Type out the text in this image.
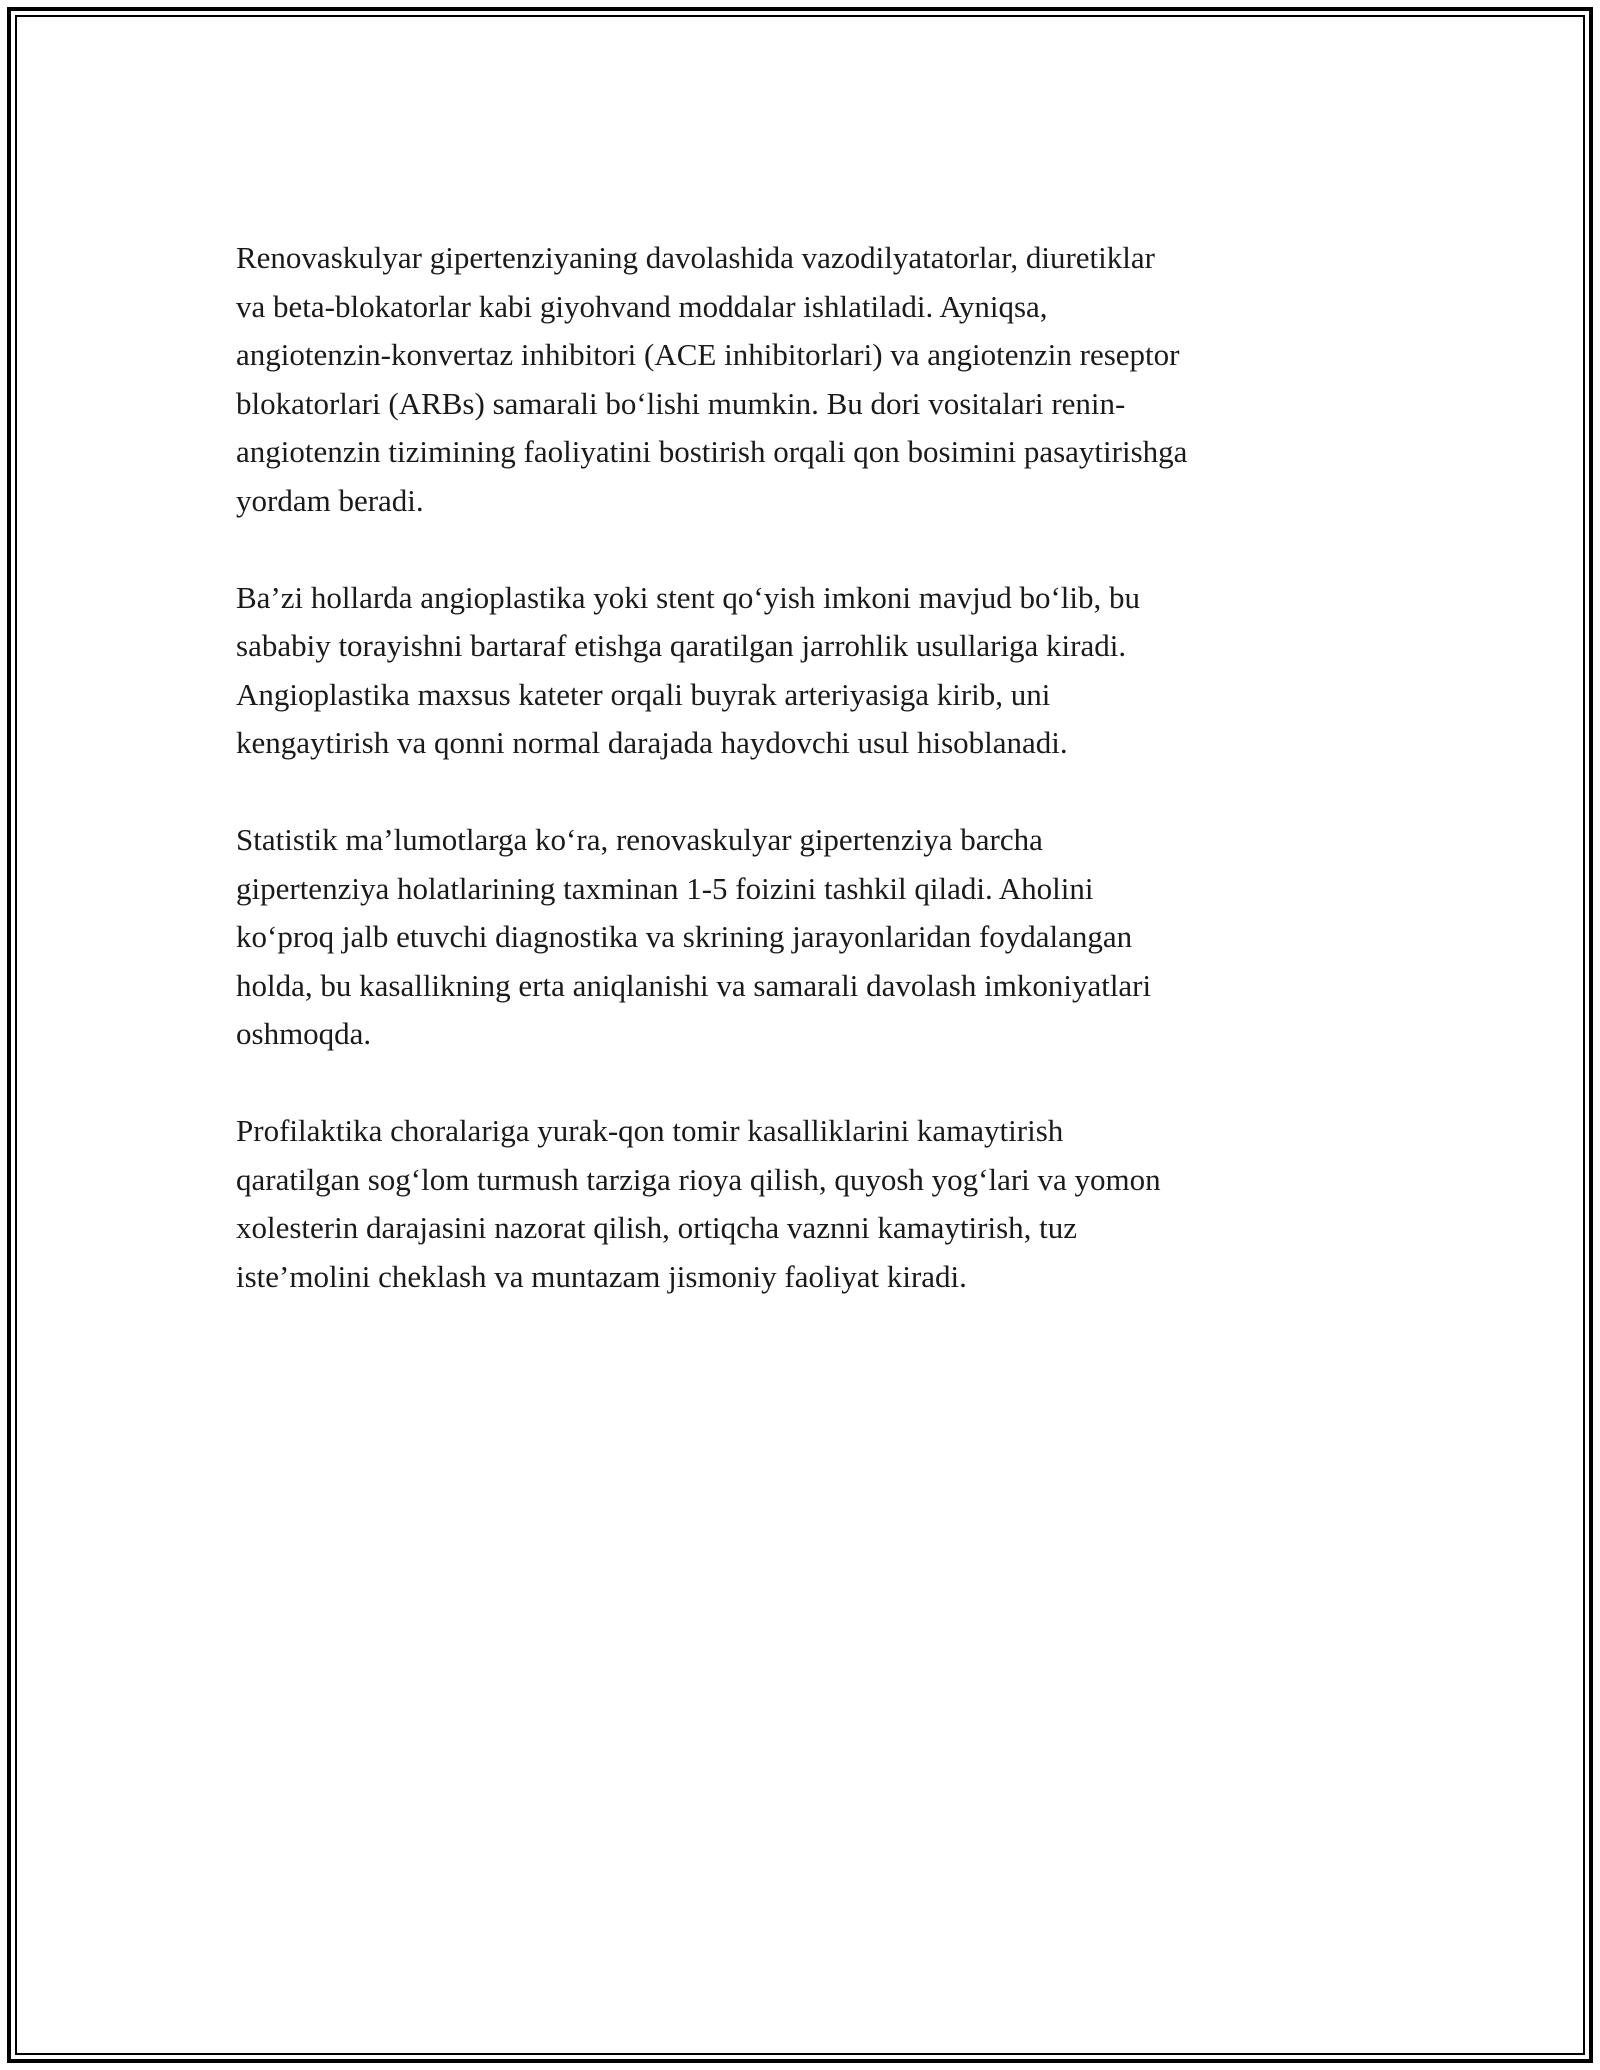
Renovaskulyar gipertenziyaning davolashida vazodilyatatorlar, diuretiklar
va beta-blokatorlar kabi giyohvand moddalar ishlatiladi. Ayniqsa,
angiotenzin-konvertaz inhibitori (ACE inhibitorlari) va angiotenzin reseptor
blokatorlari (ARBs) samarali bo‘lishi mumkin. Bu dori vositalari renin-
angiotenzin tizimining faoliyatini bostirish orqali qon bosimini pasaytirishga
yordam beradi.

Ba’zi hollarda angioplastika yoki stent qo‘yish imkoni mavjud bo‘lib, bu
sababiy torayishni bartaraf etishga qaratilgan jarrohlik usullariga kiradi.
Angioplastika maxsus kateter orqali buyrak arteriyasiga kirib, uni
kengaytirish va qonni normal darajada haydovchi usul hisoblanadi.

Statistik ma’lumotlarga ko‘ra, renovaskulyar gipertenziya barcha
gipertenziya holatlarining taxminan 1-5 foizini tashkil qiladi. Aholini
ko‘proq jalb etuvchi diagnostika va skrining jarayonlaridan foydalangan
holda, bu kasallikning erta aniqlanishi va samarali davolash imkoniyatlari
oshmoqda.

Profilaktika choralariga yurak-qon tomir kasalliklarini kamaytirish
qaratilgan sog‘lom turmush tarziga rioya qilish, quyosh yog‘lari va yomon
xolesterin darajasini nazorat qilish, ortiqcha vaznni kamaytirish, tuz
iste’molini cheklash va muntazam jismoniy faoliyat kiradi.
